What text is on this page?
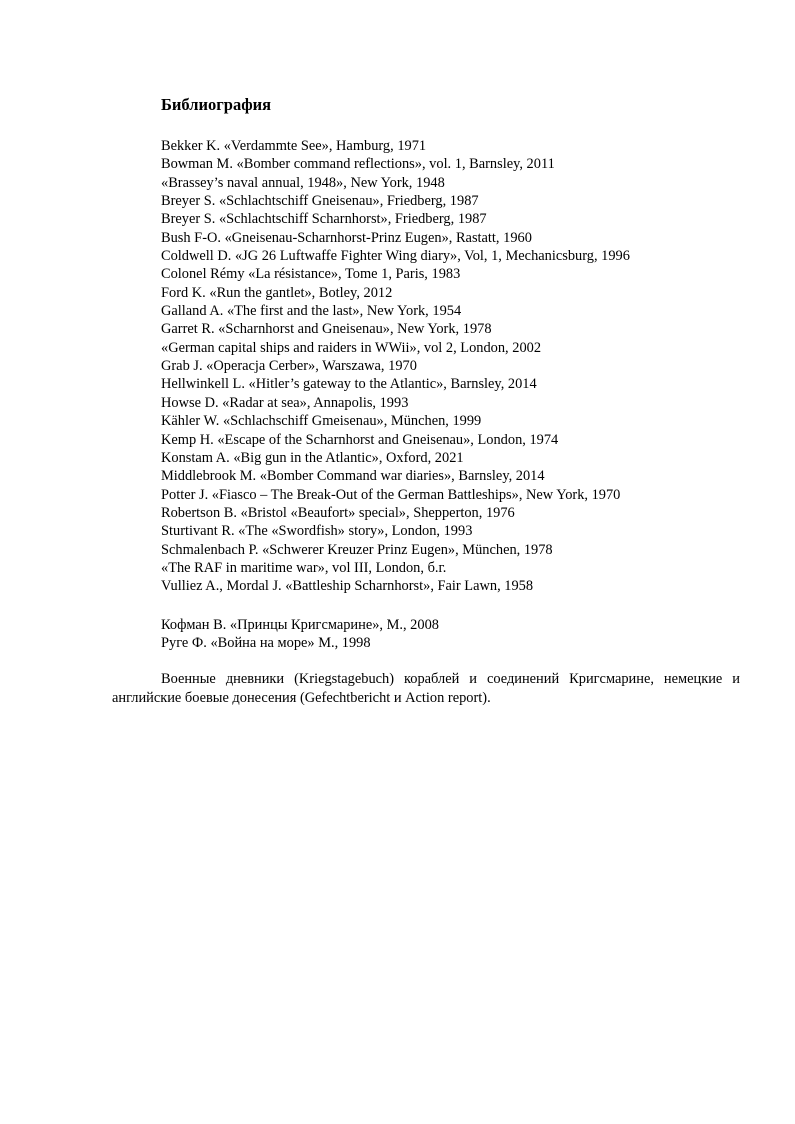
Библиография
Bekker K. «Verdammte See», Hamburg, 1971
Bowman M. «Bomber command reflections», vol. 1, Barnsley, 2011
«Brassey’s naval annual, 1948», New York, 1948
Breyer S. «Schlachtschiff Gneisenau», Friedberg, 1987
Breyer S. «Schlachtschiff Scharnhorst», Friedberg, 1987
Bush F-O. «Gneisenau-Scharnhorst-Prinz Eugen», Rastatt, 1960
Coldwell D. «JG 26 Luftwaffe Fighter Wing diary», Vol, 1, Mechanicsburg, 1996
Colonel Rémy «La résistance», Tome 1, Paris, 1983
Ford K. «Run the gantlet», Botley, 2012
Galland A. «The first and the last», New York, 1954
Garret R. «Scharnhorst and Gneisenau», New York, 1978
«German capital ships and raiders in WWii», vol 2, London, 2002
Grab J. «Operacja Cerber», Warszawa, 1970
Hellwinkell L. «Hitler’s gateway to the Atlantic», Barnsley, 2014
Howse D. «Radar at sea», Annapolis, 1993
Kähler W. «Schlachschiff Gmeisenau», München, 1999
Kemp H. «Escape of the Scharnhorst and Gneisenau», London, 1974
Konstam A. «Big gun in the Atlantic», Oxford, 2021
Middlebrook M. «Bomber Command war diaries», Barnsley, 2014
Potter J. «Fiasco – The Break-Out of the German Battleships», New York, 1970
Robertson B. «Bristol «Beaufort» special», Shepperton, 1976
Sturtivant R. «The «Swordfish» story», London, 1993
Schmalenbach P. «Schwerer Kreuzer Prinz Eugen», München, 1978
«The RAF in maritime war», vol III, London, б.г.
Vulliez A., Mordal J. «Battleship Scharnhorst», Fair Lawn, 1958
Кофман В. «Принцы Кригсмарине», М., 2008
Руге Ф. «Война на море» М., 1998

Военные дневники (Kriegstagebuch) кораблей и соединений Кригсмарине, немецкие и английские боевые донесения (Gefechtbericht и Action report).
